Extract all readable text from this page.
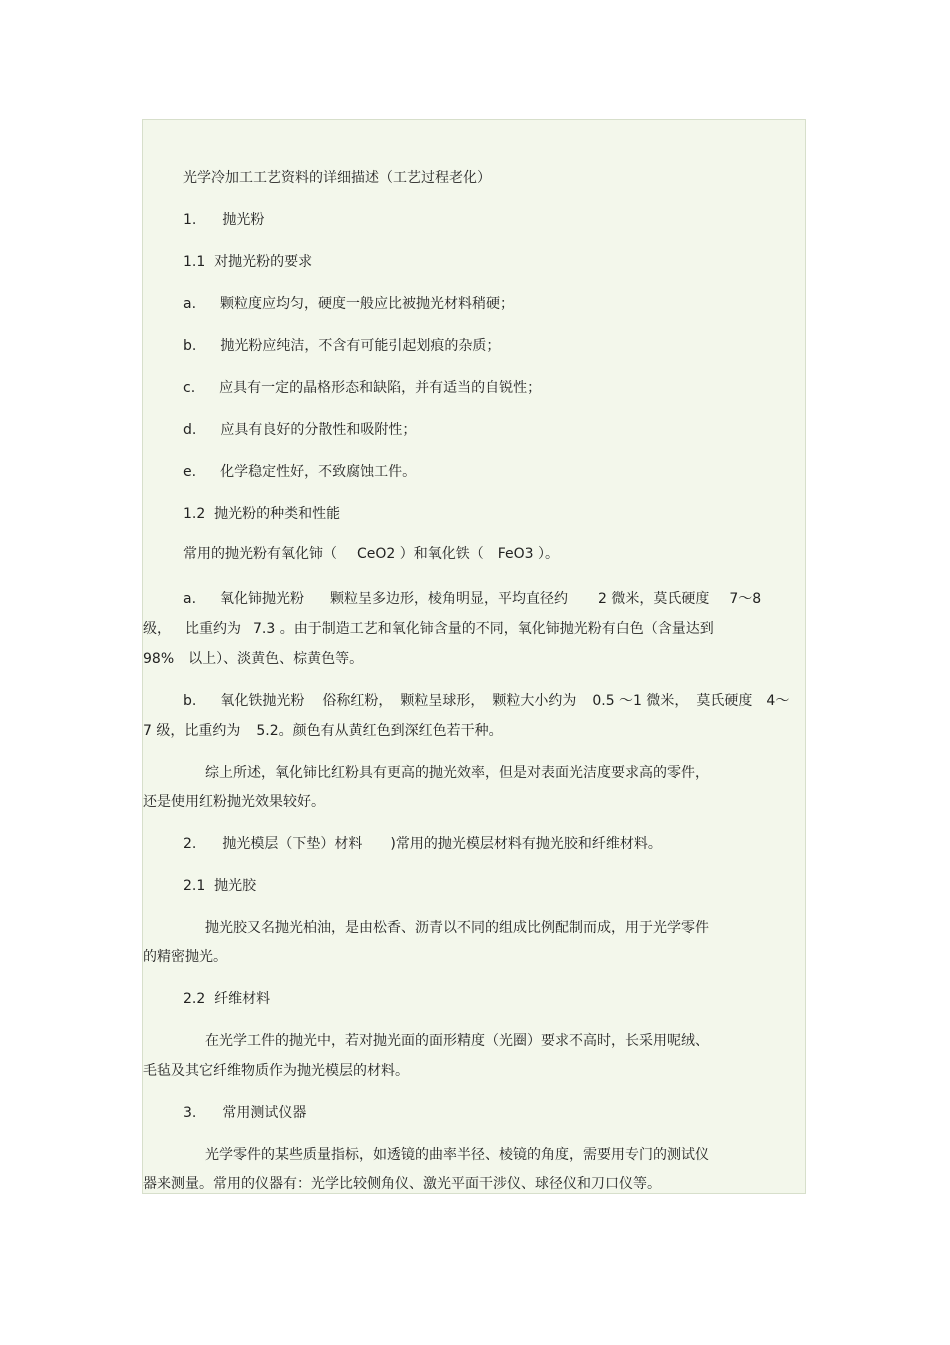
光学冷加工工艺资料的详细描述（工艺过程老化）

1. 抛光粉

1.1  对抛光粉的要求

a. 颗粒度应均匀，硬度一般应比被抛光材料稍硬；

b. 抛光粉应纯洁，不含有可能引起划痕的杂质；

c. 应具有一定的晶格形态和缺陷，并有适当的自锐性；

d. 应具有良好的分散性和吸附性；

e. 化学稳定性好，不致腐蚀工件。

1.2  抛光粉的种类和性能

常用的抛光粉有氧化铈（ CeO2 ）和氧化铁（ FeO3 ）。

a. 氧化铈抛光粉 颗粒呈多边形，棱角明显，平均直径约 2 微米，莫氏硬度 7～8

级， 比重约为 7.3 。由于制造工艺和氧化铈含量的不同，氧化铈抛光粉有白色（含量达到

98% 以上）、淡黄色、棕黄色等。

b. 氧化铁抛光粉 俗称红粉， 颗粒呈球形， 颗粒大小约为 0.5 ～1 微米， 莫氏硬度 4～

7 级，比重约为 5.2。颜色有从黄红色到深红色若干种。

综上所述，氧化铈比红粉具有更高的抛光效率，但是对表面光洁度要求高的零件，

还是使用红粉抛光效果较好。

2. 抛光模层（下垫）材料 )常用的抛光模层材料有抛光胶和纤维材料。

2.1  抛光胶

抛光胶又名抛光柏油，是由松香、沥青以不同的组成比例配制而成，用于光学零件

的精密抛光。

2.2  纤维材料

在光学工件的抛光中，若对抛光面的面形精度（光圈）要求不高时，长采用呢绒、

毛毡及其它纤维物质作为抛光模层的材料。

3. 常用测试仪器

光学零件的某些质量指标，如透镜的曲率半径、棱镜的角度，需要用专门的测试仪

器来测量。常用的仪器有：光学比较侧角仪、激光平面干涉仪、球径仪和刀口仪等。
